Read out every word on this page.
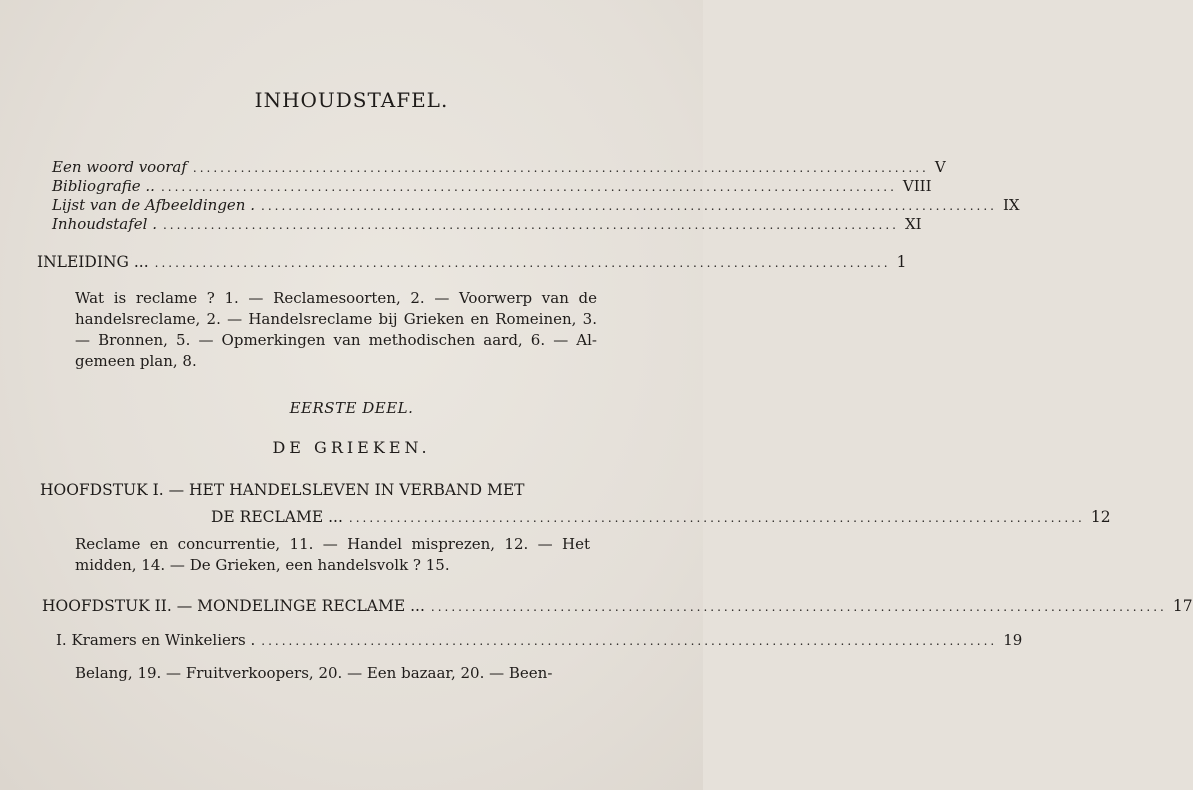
INHOUDSTAFEL.
Een woord vooraf ............................................................................................................ V
Bibliografie .. ............................................................................................................ VIII
Lijst van de Afbeeldingen . ............................................................................................................ IX
Inhoudstafel . ............................................................................................................ XI
INLEIDING ... ............................................................................................................ 1
Wat is reclame ? 1. — Reclamesoorten, 2. — Voorwerp van de
handelsreclame, 2. — Handelsreclame bij Grieken en Romeinen, 3.
— Bronnen, 5. — Opmerkingen van methodischen aard, 6. — Al-
gemeen plan, 8.
EERSTE DEEL.
DE GRIEKEN.
HOOFDSTUK I. — HET HANDELSLEVEN IN VERBAND MET
DE RECLAME ... ............................................................................................................ 12
Reclame en concurrentie, 11. — Handel misprezen, 12. — Het
midden, 14. — De Grieken, een handelsvolk ? 15.
HOOFDSTUK II. — MONDELINGE RECLAME ... ............................................................................................................ 17
I. Kramers en Winkeliers . ............................................................................................................ 19
Belang, 19. — Fruitverkoopers, 20. — Een bazaar, 20. — Been-
